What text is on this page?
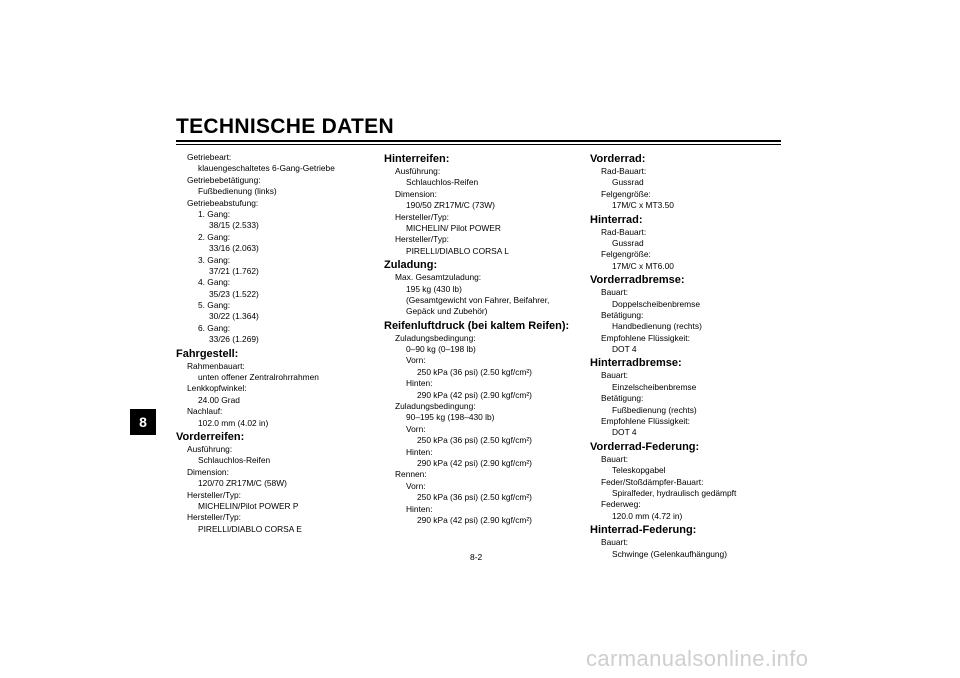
TECHNISCHE DATEN
8
Getriebeart:
klauengeschaltetes 6-Gang-Getriebe
Getriebebetätigung:
Fußbedienung (links)
Getriebeabstufung:
1. Gang:
38/15 (2.533)
2. Gang:
33/16 (2.063)
3. Gang:
37/21 (1.762)
4. Gang:
35/23 (1.522)
5. Gang:
30/22 (1.364)
6. Gang:
33/26 (1.269)
Fahrgestell:
Rahmenbauart:
unten offener Zentralrohrrahmen
Lenkkopfwinkel:
24.00 Grad
Nachlauf:
102.0 mm (4.02 in)
Vorderreifen:
Ausführung:
Schlauchlos-Reifen
Dimension:
120/70 ZR17M/C (58W)
Hersteller/Typ:
MICHELIN/Pilot POWER P
Hersteller/Typ:
PIRELLI/DIABLO CORSA E
Hinterreifen:
Ausführung:
Schlauchlos-Reifen
Dimension:
190/50 ZR17M/C (73W)
Hersteller/Typ:
MICHELIN/ Pilot POWER
Hersteller/Typ:
PIRELLI/DIABLO CORSA L
Zuladung:
Max. Gesamtzuladung:
195 kg (430 lb)
(Gesamtgewicht von Fahrer, Beifahrer,
Gepäck und Zubehör)
Reifenluftdruck (bei kaltem Reifen):
Zuladungsbedingung:
0–90 kg (0–198 lb)
Vorn:
250 kPa (36 psi) (2.50 kgf/cm²)
Hinten:
290 kPa (42 psi) (2.90 kgf/cm²)
Zuladungsbedingung:
90–195 kg (198–430 lb)
Vorn:
250 kPa (36 psi) (2.50 kgf/cm²)
Hinten:
290 kPa (42 psi) (2.90 kgf/cm²)
Rennen:
Vorn:
250 kPa (36 psi) (2.50 kgf/cm²)
Hinten:
290 kPa (42 psi) (2.90 kgf/cm²)
Vorderrad:
Rad-Bauart:
Gussrad
Felgengröße:
17M/C x MT3.50
Hinterrad:
Rad-Bauart:
Gussrad
Felgengröße:
17M/C x MT6.00
Vorderradbremse:
Bauart:
Doppelscheibenbremse
Betätigung:
Handbedienung (rechts)
Empfohlene Flüssigkeit:
DOT 4
Hinterradbremse:
Bauart:
Einzelscheibenbremse
Betätigung:
Fußbedienung (rechts)
Empfohlene Flüssigkeit:
DOT 4
Vorderrad-Federung:
Bauart:
Teleskopgabel
Feder/Stoßdämpfer-Bauart:
Spiralfeder, hydraulisch gedämpft
Federweg:
120.0 mm (4.72 in)
Hinterrad-Federung:
Bauart:
Schwinge (Gelenkaufhängung)
8-2
carmanualsonline.info
